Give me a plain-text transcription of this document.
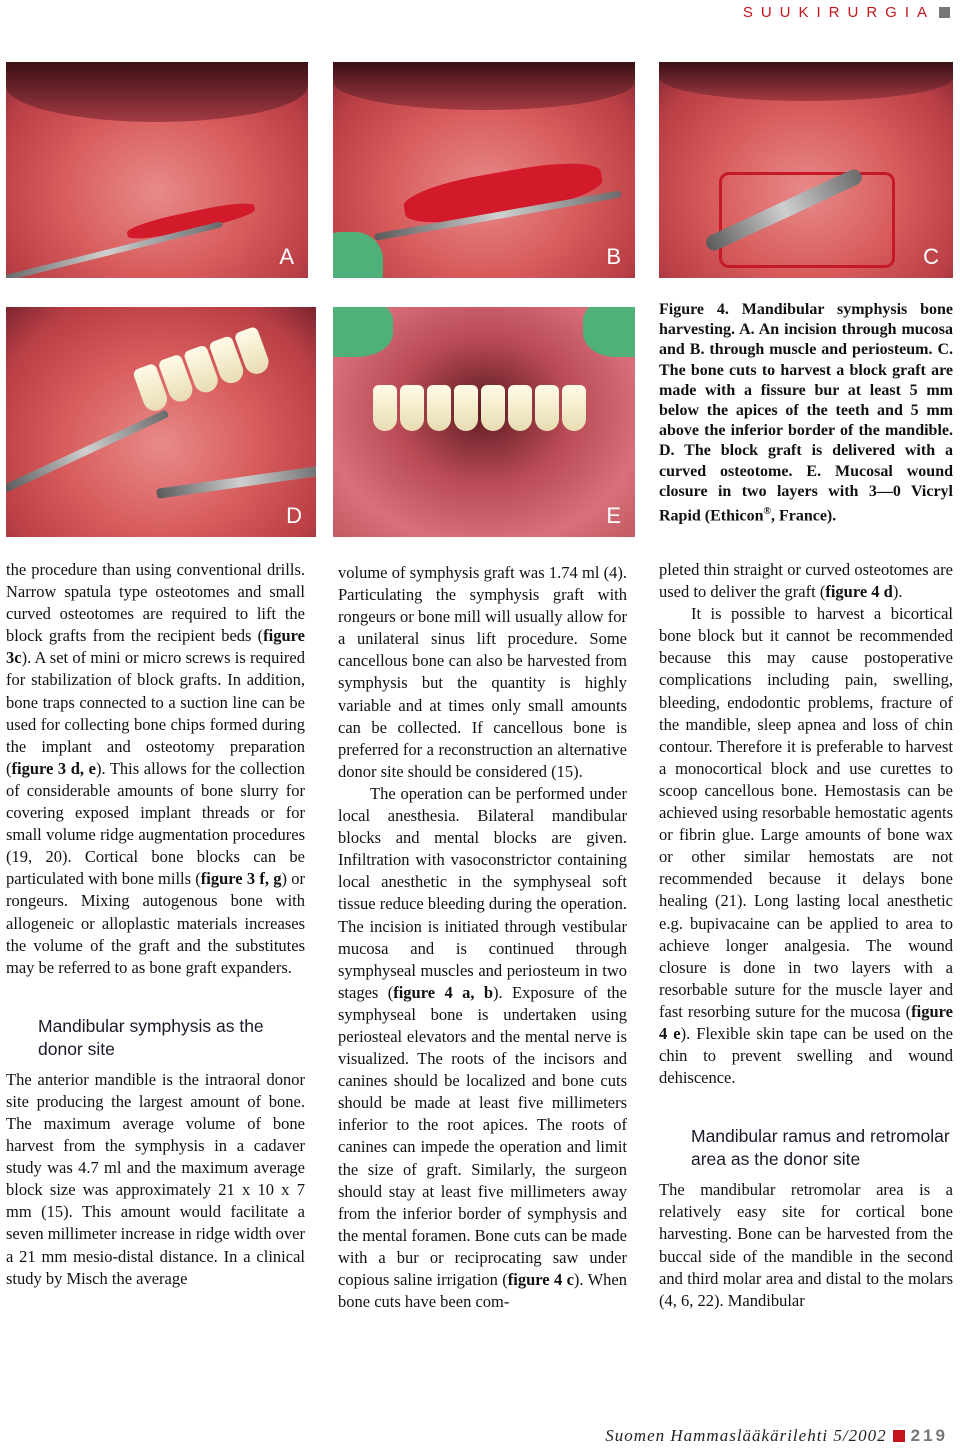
SUUKIRURGIA
A	B	C
D	E
Figure 4. Mandibular symphysis bone harvesting. A. An incision through mucosa and B. through muscle and periosteum. C. The bone cuts to harvest a block graft are made with a fissure bur at least 5 mm below the apices of the teeth and 5 mm above the inferior border of the mandible. D. The block graft is delivered with a curved osteotome. E. Mucosal wound closure in two layers with 3—0 Vicryl Rapid (Ethicon®, France).

the procedure than using conventional drills. Narrow spatula type osteotomes and small curved osteotomes are required to lift the block grafts from the recipient beds (figure 3c). A set of mini or micro screws is required for stabilization of block grafts. In addition, bone traps connected to a suction line can be used for collecting bone chips formed during the implant and osteotomy preparation (figure 3 d, e). This allows for the collection of considerable amounts of bone slurry for covering exposed implant threads or for small volume ridge augmentation procedures (19, 20). Cortical bone blocks can be particulated with bone mills (figure 3 f, g) or rongeurs. Mixing autogenous bone with allogeneic or alloplastic materials increases the volume of the graft and the substitutes may be referred to as bone graft expanders.

Mandibular symphysis as the donor site

The anterior mandible is the intraoral donor site producing the largest amount of bone. The maximum average volume of bone harvest from the symphysis in a cadaver study was 4.7 ml and the maximum average block size was approximately 21 x 10 x 7 mm (15). This amount would facilitate a seven millimeter increase in ridge width over a 21 mm mesio-distal distance. In a clinical study by Misch the average

volume of symphysis graft was 1.74 ml (4). Particulating the symphysis graft with rongeurs or bone mill will usually allow for a unilateral sinus lift procedure. Some cancellous bone can also be harvested from symphysis but the quantity is highly variable and at times only small amounts can be collected. If cancellous bone is preferred for a reconstruction an alternative donor site should be considered (15).

The operation can be performed under local anesthesia. Bilateral mandibular blocks and mental blocks are given. Infiltration with vasoconstrictor containing local anesthetic in the symphyseal soft tissue reduce bleeding during the operation. The incision is initiated through vestibular mucosa and is continued through symphyseal muscles and periosteum in two stages (figure 4 a, b). Exposure of the symphyseal bone is undertaken using periosteal elevators and the mental nerve is visualized. The roots of the incisors and canines should be localized and bone cuts should be made at least five millimeters inferior to the root apices. The roots of canines can impede the operation and limit the size of graft. Similarly, the surgeon should stay at least five millimeters away from the inferior border of symphysis and the mental foramen. Bone cuts can be made with a bur or reciprocating saw under copious saline irrigation (figure 4 c). When bone cuts have been com-

pleted thin straight or curved osteotomes are used to deliver the graft (figure 4 d).

It is possible to harvest a bicortical bone block but it cannot be recommended because this may cause postoperative complications including pain, swelling, bleeding, endodontic problems, fracture of the mandible, sleep apnea and loss of chin contour. Therefore it is preferable to harvest a monocortical block and use curettes to scoop cancellous bone. Hemostasis can be achieved using resorbable hemostatic agents or fibrin glue. Large amounts of bone wax or other similar hemostats are not recommended because it delays bone healing (21). Long lasting local anesthetic e.g. bupivacaine can be applied to area to achieve longer analgesia. The wound closure is done in two layers with a resorbable suture for the muscle layer and fast resorbing suture for the mucosa (figure 4 e). Flexible skin tape can be used on the chin to prevent swelling and wound dehiscence.

Mandibular ramus and retromolar area as the donor site

The mandibular retromolar area is a relatively easy site for cortical bone harvesting. Bone can be harvested from the buccal side of the mandible in the second and third molar area and distal to the molars (4, 6, 22). Mandibular

Suomen Hammaslääkärilehti 5/2002 219
